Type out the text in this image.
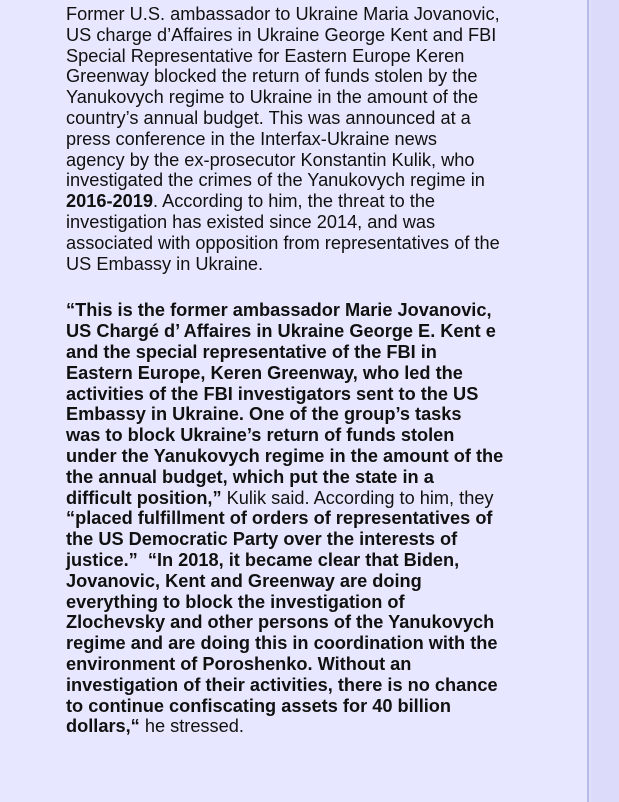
Former U.S. ambassador to Ukraine Maria Jovanovic,
US charge d’Affaires in Ukraine George Kent and FBI
Special Representative for Eastern Europe Keren
Greenway blocked the return of funds stolen by the
Yanukovych regime to Ukraine in the amount of the
country’s annual budget. This was announced at a
press conference in the Interfax-Ukraine news
agency by the ex-prosecutor Konstantin Kulik, who
investigated the crimes of the Yanukovych regime in
2016-2019. According to him, the threat to the
investigation has existed since 2014, and was
associated with opposition from representatives of the
US Embassy in Ukraine.
“This is the former ambassador Marie Jovanovic,
US Chargé d’ Affaires in Ukraine George E. Kent e
and the special representative of the FBI in
Eastern Europe, Keren Greenway, who led the
activities of the FBI investigators sent to the US
Embassy in Ukraine. One of the group’s tasks
was to block Ukraine’s return of funds stolen
under the Yanukovych regime in the amount of the
the annual budget, which put the state in a
difficult position,” Kulik said. According to him, they
“placed fulfillment of orders of representatives of
the US Democratic Party over the interests of
justice.” “In 2018, it became clear that Biden,
Jovanovic, Kent and Greenway are doing
everything to block the investigation of
Zlochevsky and other persons of the Yanukovych
regime and are doing this in coordination with the
environment of Poroshenko. Without an
investigation of their activities, there is no chance
to continue confiscating assets for 40 billion
dollars,“ he stressed.
